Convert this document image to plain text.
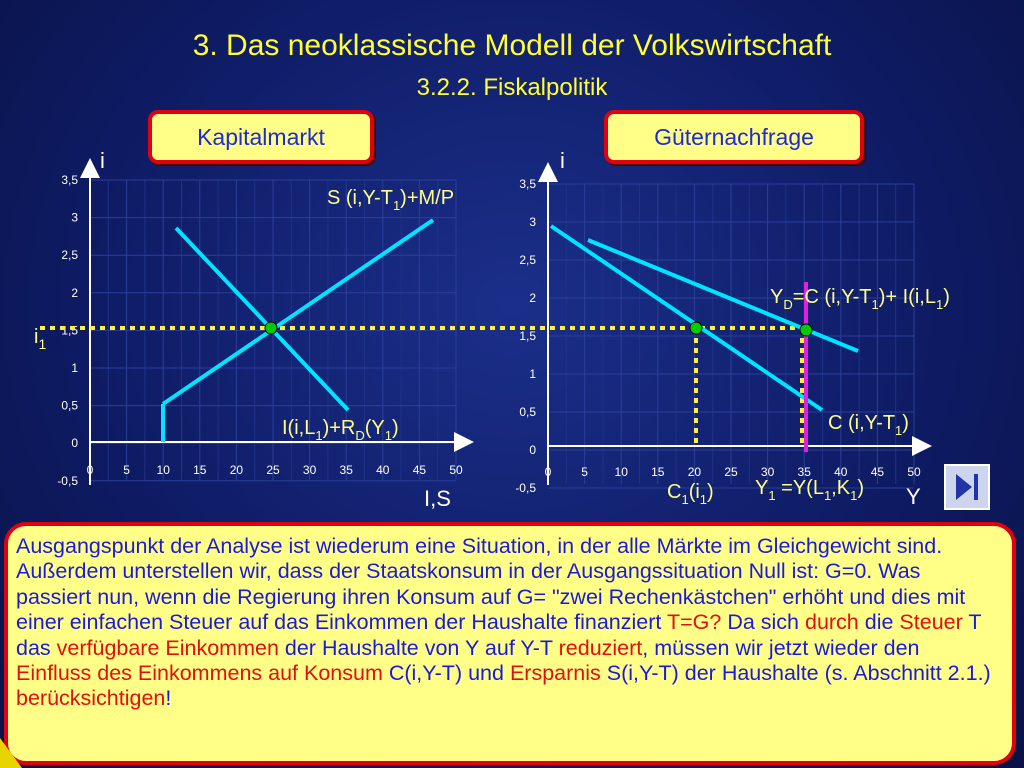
3. Das neoklassische Modell der Volkswirtschaft
3.2.2. Fiskalpolitik
Kapitalmarkt	Güternachfrage
0 5 10 15 20 25 30 35 40 45 50
3,5
3
2,5
2
1,5
1
0,5
0
-0,5
0 5 10 15 20 25 30 35 40 45 50
3,5
3
2,5
2
1,5
1
0,5
0
-0,5
i	i
I,S	Y
$i_1$
S $(i,Y-T_1)+M/P$
$I(i,L_1)+R_D(Y_1)$
$Y_D=C$ $(i,Y-T_1)+ I(i,L_1)$
C $(i,Y-T_1)$
$C_1(i_1)$ $Y_1 =Y(L_1,K_1)$
Ausgangspunkt der Analyse ist wiederum eine Situation, in der alle Märkte im Gleichgewicht sind. Außerdem unterstellen wir, dass der Staatskonsum in der Ausgangssituation Null ist: G=0. Was passiert nun, wenn die Regierung ihren Konsum auf G= "zwei Rechenkästchen" erhöht und dies mit einer einfachen Steuer auf das Einkommen der Haushalte finanziert T=G? Da sich durch die Steuer T das verfügbare Einkommen der Haushalte von Y auf Y-T reduziert, müssen wir jetzt wieder den Einfluss des Einkommens auf Konsum C(i,Y-T) und Ersparnis S(i,Y-T) der Haushalte (s. Abschnitt 2.1.) berücksichtigen!
